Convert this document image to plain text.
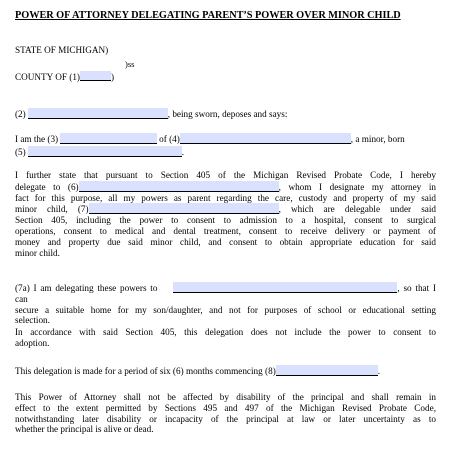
POWER OF ATTORNEY DELEGATING PARENT’S POWER OVER MINOR CHILD
STATE OF MICHIGAN)
)ss
COUNTY OF (1)	)
(2)	, being sworn, deposes and says:
I am the (3)	of (4)	, a minor, born
(5)	.
I further state that pursuant to Section 405 of the Michigan Revised Probate Code, I hereby
delegate to (6)	, whom I designate my attorney in
fact for this purpose, all my powers as parent regarding the care, custody and property of my said
minor child, (7)	, which are delegable under said
Section 405, including the power to consent to admission to a hospital, consent to surgical
operations, consent to medical and dental treatment, consent to receive delivery or payment of
money and property due said minor child, and consent to obtain appropriate education for said
minor child.
(7a) I am delegating these powers to	, so that I can
secure a suitable home for my son/daughter, and not for purposes of school or educational setting
selection.
In accordance with said Section 405, this delegation does not include the power to consent to
adoption.
This delegation is made for a period of six (6) months commencing (8)	.
This Power of Attorney shall not be affected by disability of the principal and shall remain in
effect to the extent permitted by Sections 495 and 497 of the Michigan Revised Probate Code,
notwithstanding later disability or incapacity of the principal at law or later uncertainty as to
whether the principal is alive or dead.
